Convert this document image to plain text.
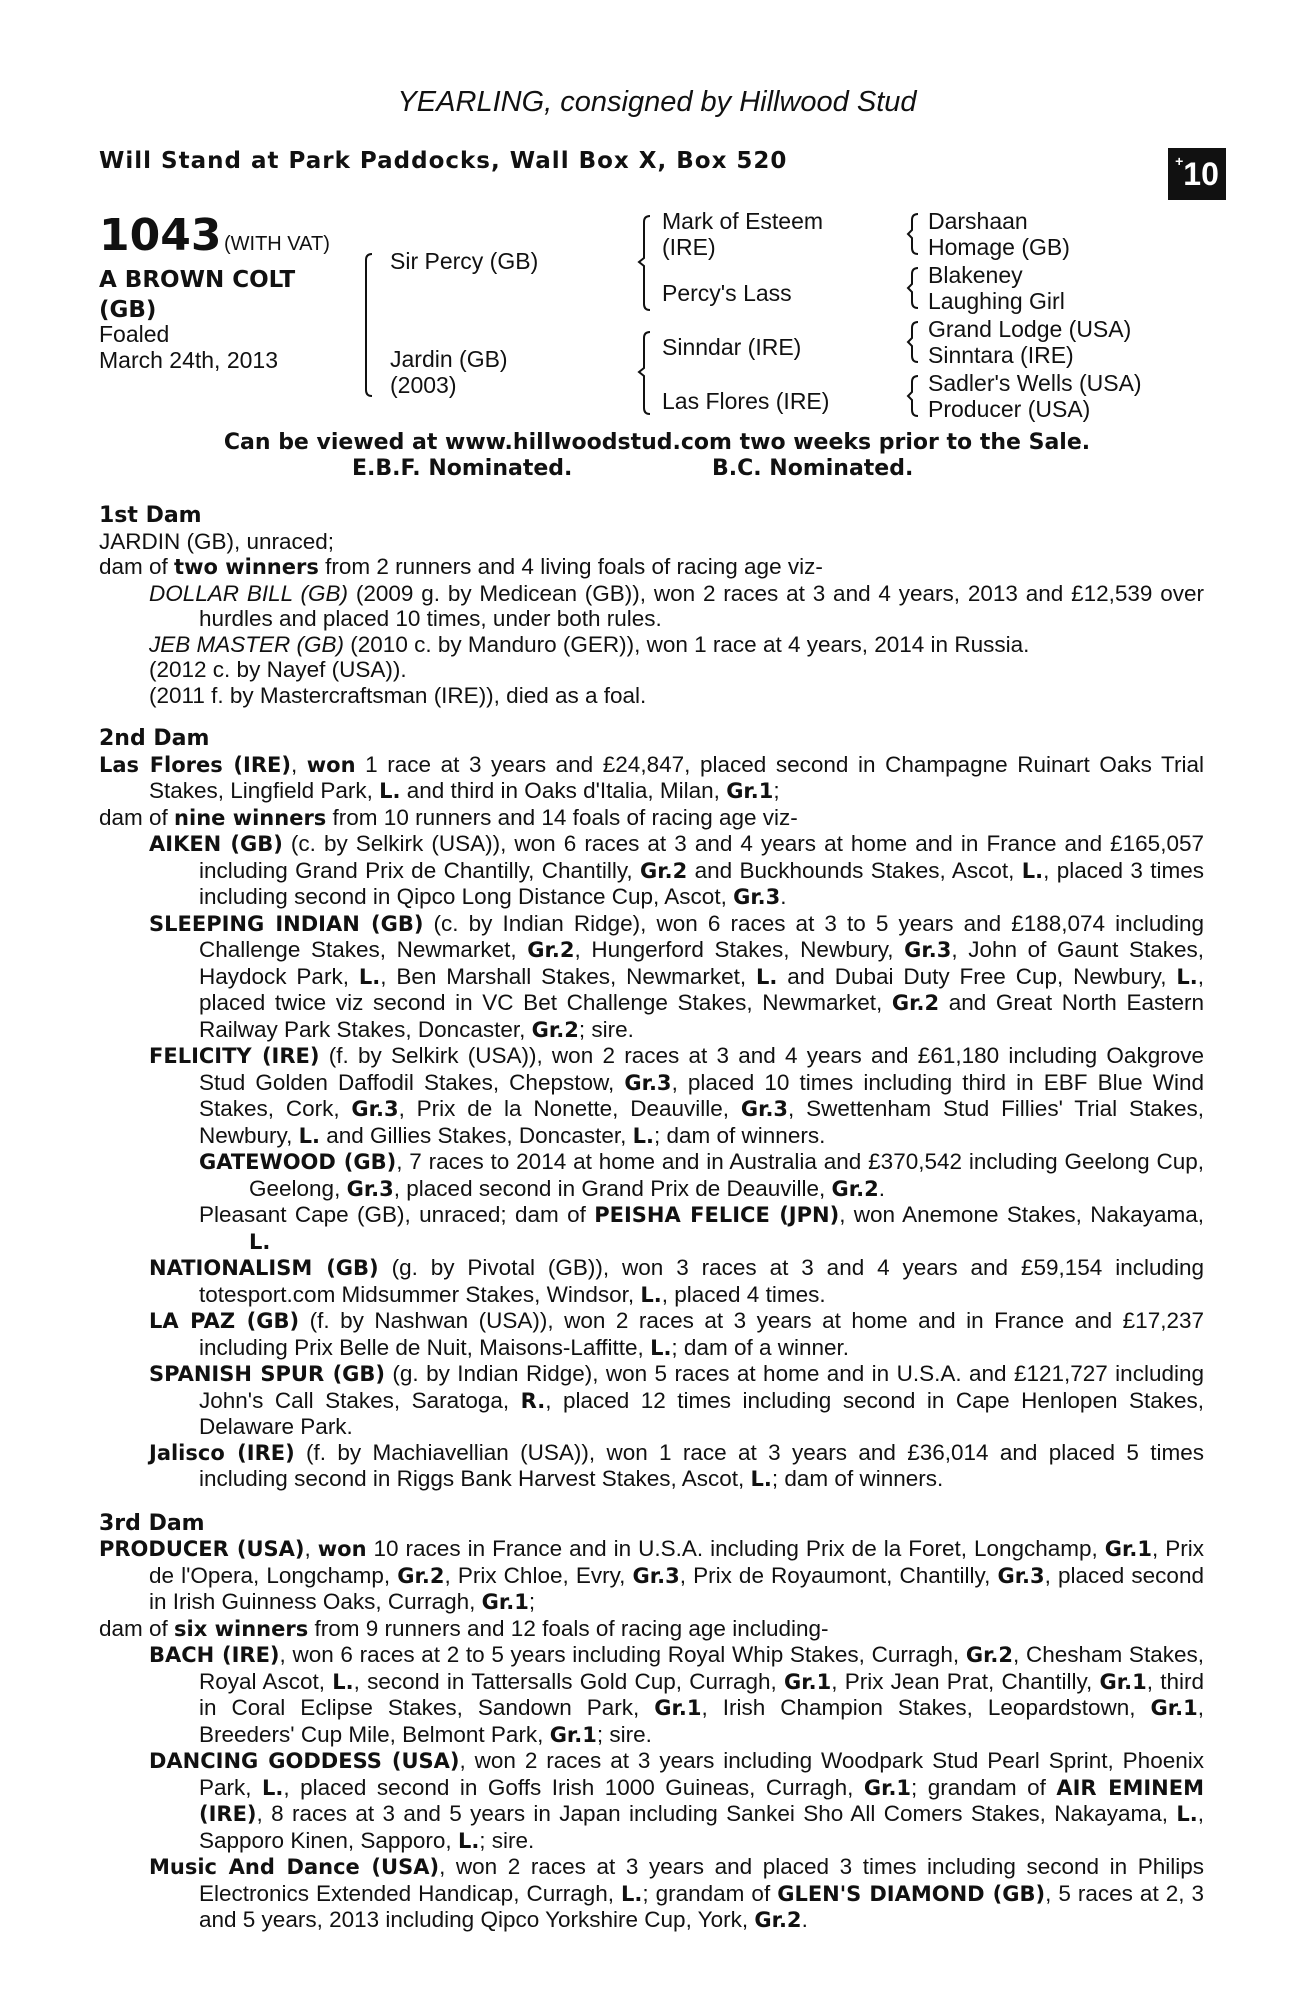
YEARLING, consigned by Hillwood Stud
Will Stand at Park Paddocks, Wall Box X, Box 520	+10
1043 (WITH VAT)
A BROWN COLT
(GB)
Foaled
March 24th, 2013
Sir Percy (GB)
Jardin (GB)
(2003)
Mark of Esteem
(IRE)
Percy's Lass
Sinndar (IRE)
Las Flores (IRE)
Darshaan
Homage (GB)
Blakeney
Laughing Girl
Grand Lodge (USA)
Sinntara (IRE)
Sadler's Wells (USA)
Producer (USA)
Can be viewed at www.hillwoodstud.com two weeks prior to the Sale.
E.B.F. Nominated.	B.C. Nominated.
1st Dam
JARDIN (GB), unraced;
dam of two winners from 2 runners and 4 living foals of racing age viz-
DOLLAR BILL (GB) (2009 g. by Medicean (GB)), won 2 races at 3 and 4 years, 2013 and £12,539 over hurdles and placed 10 times, under both rules.
JEB MASTER (GB) (2010 c. by Manduro (GER)), won 1 race at 4 years, 2014 in Russia.
(2012 c. by Nayef (USA)).
(2011 f. by Mastercraftsman (IRE)), died as a foal.
2nd Dam
Las Flores (IRE), won 1 race at 3 years and £24,847, placed second in Champagne Ruinart Oaks Trial Stakes, Lingfield Park, L. and third in Oaks d'Italia, Milan, Gr.1;
dam of nine winners from 10 runners and 14 foals of racing age viz-
AIKEN (GB) (c. by Selkirk (USA)), won 6 races at 3 and 4 years at home and in France and £165,057 including Grand Prix de Chantilly, Chantilly, Gr.2 and Buckhounds Stakes, Ascot, L., placed 3 times including second in Qipco Long Distance Cup, Ascot, Gr.3.
SLEEPING INDIAN (GB) (c. by Indian Ridge), won 6 races at 3 to 5 years and £188,074 including Challenge Stakes, Newmarket, Gr.2, Hungerford Stakes, Newbury, Gr.3, John of Gaunt Stakes, Haydock Park, L., Ben Marshall Stakes, Newmarket, L. and Dubai Duty Free Cup, Newbury, L., placed twice viz second in VC Bet Challenge Stakes, Newmarket, Gr.2 and Great North Eastern Railway Park Stakes, Doncaster, Gr.2; sire.
FELICITY (IRE) (f. by Selkirk (USA)), won 2 races at 3 and 4 years and £61,180 including Oakgrove Stud Golden Daffodil Stakes, Chepstow, Gr.3, placed 10 times including third in EBF Blue Wind Stakes, Cork, Gr.3, Prix de la Nonette, Deauville, Gr.3, Swettenham Stud Fillies' Trial Stakes, Newbury, L. and Gillies Stakes, Doncaster, L.; dam of winners.
GATEWOOD (GB), 7 races to 2014 at home and in Australia and £370,542 including Geelong Cup, Geelong, Gr.3, placed second in Grand Prix de Deauville, Gr.2.
Pleasant Cape (GB), unraced; dam of PEISHA FELICE (JPN), won Anemone Stakes, Nakayama, L.
NATIONALISM (GB) (g. by Pivotal (GB)), won 3 races at 3 and 4 years and £59,154 including totesport.com Midsummer Stakes, Windsor, L., placed 4 times.
LA PAZ (GB) (f. by Nashwan (USA)), won 2 races at 3 years at home and in France and £17,237 including Prix Belle de Nuit, Maisons-Laffitte, L.; dam of a winner.
SPANISH SPUR (GB) (g. by Indian Ridge), won 5 races at home and in U.S.A. and £121,727 including John's Call Stakes, Saratoga, R., placed 12 times including second in Cape Henlopen Stakes, Delaware Park.
Jalisco (IRE) (f. by Machiavellian (USA)), won 1 race at 3 years and £36,014 and placed 5 times including second in Riggs Bank Harvest Stakes, Ascot, L.; dam of winners.
3rd Dam
PRODUCER (USA), won 10 races in France and in U.S.A. including Prix de la Foret, Longchamp, Gr.1, Prix de l'Opera, Longchamp, Gr.2, Prix Chloe, Evry, Gr.3, Prix de Royaumont, Chantilly, Gr.3, placed second in Irish Guinness Oaks, Curragh, Gr.1;
dam of six winners from 9 runners and 12 foals of racing age including-
BACH (IRE), won 6 races at 2 to 5 years including Royal Whip Stakes, Curragh, Gr.2, Chesham Stakes, Royal Ascot, L., second in Tattersalls Gold Cup, Curragh, Gr.1, Prix Jean Prat, Chantilly, Gr.1, third in Coral Eclipse Stakes, Sandown Park, Gr.1, Irish Champion Stakes, Leopardstown, Gr.1, Breeders' Cup Mile, Belmont Park, Gr.1; sire.
DANCING GODDESS (USA), won 2 races at 3 years including Woodpark Stud Pearl Sprint, Phoenix Park, L., placed second in Goffs Irish 1000 Guineas, Curragh, Gr.1; grandam of AIR EMINEM (IRE), 8 races at 3 and 5 years in Japan including Sankei Sho All Comers Stakes, Nakayama, L., Sapporo Kinen, Sapporo, L.; sire.
Music And Dance (USA), won 2 races at 3 years and placed 3 times including second in Philips Electronics Extended Handicap, Curragh, L.; grandam of GLEN'S DIAMOND (GB), 5 races at 2, 3 and 5 years, 2013 including Qipco Yorkshire Cup, York, Gr.2.
